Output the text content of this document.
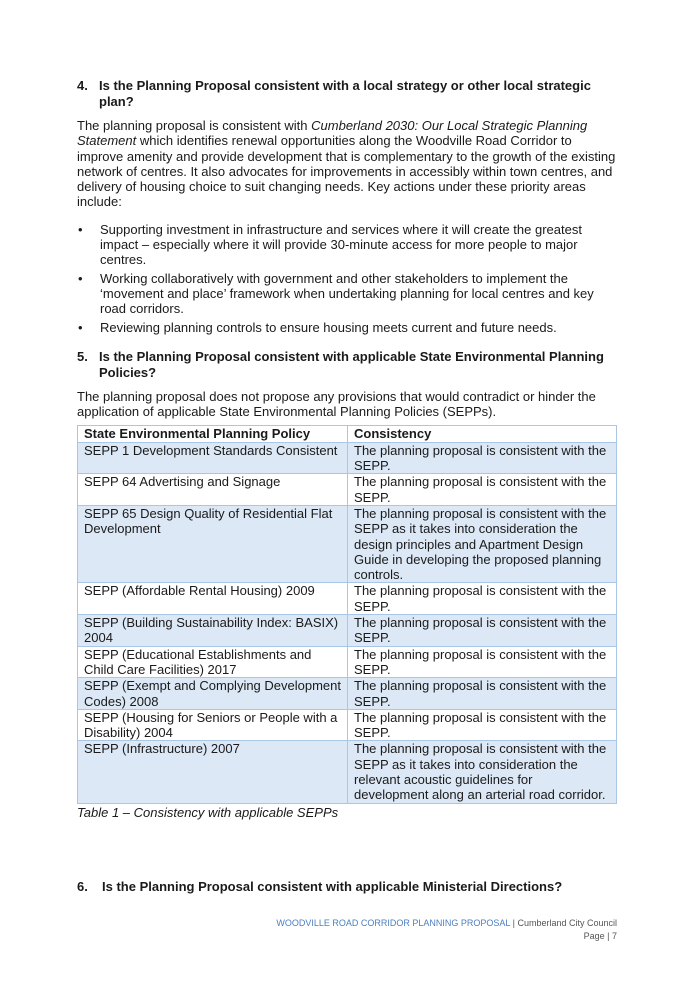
4. Is the Planning Proposal consistent with a local strategy or other local strategic plan?

The planning proposal is consistent with Cumberland 2030: Our Local Strategic Planning Statement which identifies renewal opportunities along the Woodville Road Corridor to improve amenity and provide development that is complementary to the growth of the existing network of centres. It also advocates for improvements in accessibly within town centres, and delivery of housing choice to suit changing needs. Key actions under these priority areas include:

•	Supporting investment in infrastructure and services where it will create the greatest impact – especially where it will provide 30-minute access for more people to major centres.
•	Working collaboratively with government and other stakeholders to implement the ‘movement and place’ framework when undertaking planning for local centres and key road corridors.
•	Reviewing planning controls to ensure housing meets current and future needs.
5. Is the Planning Proposal consistent with applicable State Environmental Planning Policies?

The planning proposal does not propose any provisions that would contradict or hinder the application of applicable State Environmental Planning Policies (SEPPs).

State Environmental Planning Policy	Consistency
SEPP 1 Development Standards Consistent	The planning proposal is consistent with the SEPP.
SEPP 64 Advertising and Signage	The planning proposal is consistent with the SEPP.
SEPP 65 Design Quality of Residential Flat Development	The planning proposal is consistent with the SEPP as it takes into consideration the design principles and Apartment Design Guide in developing the proposed planning controls.
SEPP (Affordable Rental Housing) 2009	The planning proposal is consistent with the SEPP.
SEPP (Building Sustainability Index: BASIX) 2004	The planning proposal is consistent with the SEPP.
SEPP (Educational Establishments and Child Care Facilities) 2017	The planning proposal is consistent with the SEPP.
SEPP (Exempt and Complying Development Codes) 2008	The planning proposal is consistent with the SEPP.
SEPP (Housing for Seniors or People with a Disability) 2004	The planning proposal is consistent with the SEPP.
SEPP (Infrastructure) 2007	The planning proposal is consistent with the SEPP as it takes into consideration the relevant acoustic guidelines for development along an arterial road corridor.
Table 1 – Consistency with applicable SEPPs
6.	Is the Planning Proposal consistent with applicable Ministerial Directions?
WOODVILLE ROAD CORRIDOR PLANNING PROPOSAL | Cumberland City Council
Page | 7
